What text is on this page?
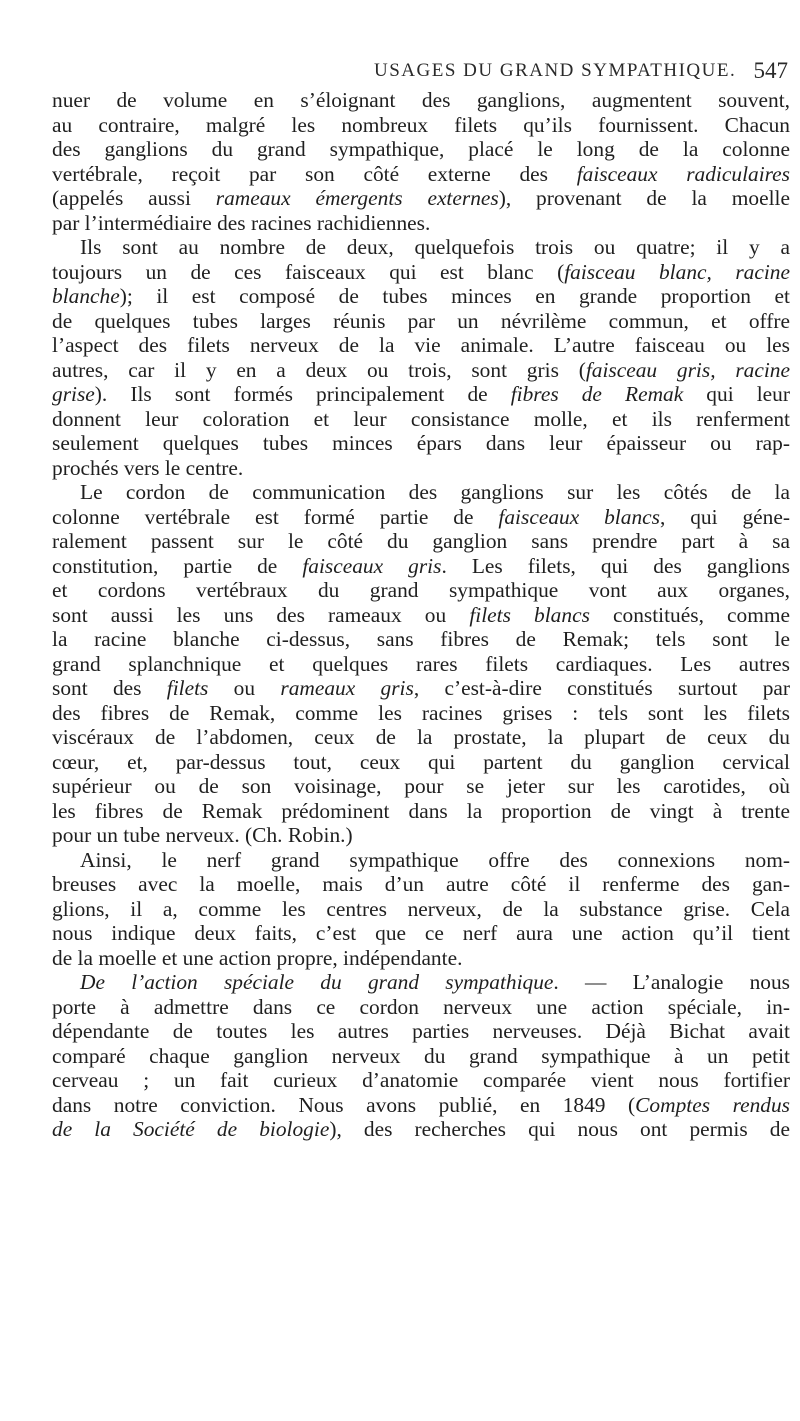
USAGES DU GRAND SYMPATHIQUE. 547
nuer de volume en s’éloignant des ganglions, augmentent souvent,
au contraire, malgré les nombreux filets qu’ils fournissent. Chacun
des ganglions du grand sympathique, placé le long de la colonne
vertébrale, reçoit par son côté externe des faisceaux radiculaires
(appelés aussi rameaux émergents externes), provenant de la moelle
par l’intermédiaire des racines rachidiennes.
Ils sont au nombre de deux, quelquefois trois ou quatre; il y a
toujours un de ces faisceaux qui est blanc (faisceau blanc, racine
blanche); il est composé de tubes minces en grande proportion et
de quelques tubes larges réunis par un névrilème commun, et offre
l’aspect des filets nerveux de la vie animale. L’autre faisceau ou les
autres, car il y en a deux ou trois, sont gris (faisceau gris, racine
grise). Ils sont formés principalement de fibres de Remak qui leur
donnent leur coloration et leur consistance molle, et ils renferment
seulement quelques tubes minces épars dans leur épaisseur ou rap-
prochés vers le centre.
Le cordon de communication des ganglions sur les côtés de la
colonne vertébrale est formé partie de faisceaux blancs, qui géne-
ralement passent sur le côté du ganglion sans prendre part à sa
constitution, partie de faisceaux gris. Les filets, qui des ganglions
et cordons vertébraux du grand sympathique vont aux organes,
sont aussi les uns des rameaux ou filets blancs constitués, comme
la racine blanche ci-dessus, sans fibres de Remak; tels sont le
grand splanchnique et quelques rares filets cardiaques. Les autres
sont des filets ou rameaux gris, c’est-à-dire constitués surtout par
des fibres de Remak, comme les racines grises : tels sont les filets
viscéraux de l’abdomen, ceux de la prostate, la plupart de ceux du
cœur, et, par-dessus tout, ceux qui partent du ganglion cervical
supérieur ou de son voisinage, pour se jeter sur les carotides, où
les fibres de Remak prédominent dans la proportion de vingt à trente
pour un tube nerveux. (Ch. Robin.)
Ainsi, le nerf grand sympathique offre des connexions nom-
breuses avec la moelle, mais d’un autre côté il renferme des gan-
glions, il a, comme les centres nerveux, de la substance grise. Cela
nous indique deux faits, c’est que ce nerf aura une action qu’il tient
de la moelle et une action propre, indépendante.
De l’action spéciale du grand sympathique. — L’analogie nous
porte à admettre dans ce cordon nerveux une action spéciale, in-
dépendante de toutes les autres parties nerveuses. Déjà Bichat avait
comparé chaque ganglion nerveux du grand sympathique à un petit
cerveau ; un fait curieux d’anatomie comparée vient nous fortifier
dans notre conviction. Nous avons publié, en 1849 (Comptes rendus
de la Société de biologie), des recherches qui nous ont permis de
